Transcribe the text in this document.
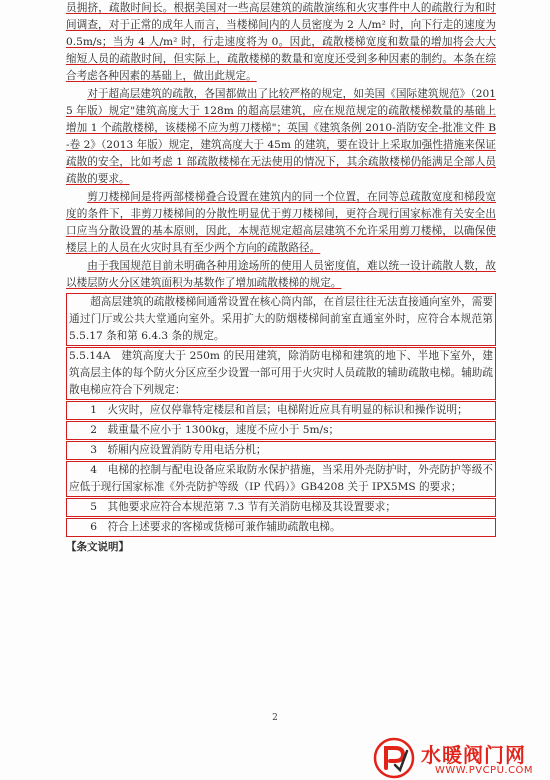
员拥挤，疏散时间长。根据美国对一些高层建筑的疏散演练和火灾事件中人的疏散行为和时间调查，对于正常的成年人而言，当楼梯间内的人员密度为 2 人/m² 时，向下行走的速度为 0.5m/s；当为 4 人/m² 时，行走速度将为 0。因此，疏散楼梯宽度和数量的增加将会大大缩短人员的疏散时间，但实际上，疏散楼梯的数量和宽度还受到多种因素的制约。本条在综合考虑各种因素的基础上，做出此规定。

对于超高层建筑的疏散，各国都做出了比较严格的规定，如美国《国际建筑规范》（2015 年版）规定"建筑高度大于 128m 的超高层建筑，应在规范规定的疏散楼梯数量的基础上增加 1 个疏散楼梯，该楼梯不应为剪刀楼梯"；英国《建筑条例 2010-消防安全-批准文件 B-卷 2》（2013 年版）规定，建筑高度大于 45m 的建筑，要在设计上采取加强性措施来保证疏散的安全，比如考虑 1 部疏散楼梯在无法使用的情况下，其余疏散楼梯仍能满足全部人员疏散的要求。

剪刀楼梯间是将两部楼梯叠合设置在建筑内的同一个位置，在同等总疏散宽度和梯段宽度的条件下，非剪刀楼梯间的分散性明显优于剪刀楼梯间，更符合现行国家标准有关安全出口应当分散设置的基本原则，因此，本规范规定超高层建筑不允许采用剪刀楼梯，以确保使楼层上的人员在火灾时具有至少两个方向的疏散路径。

由于我国规范目前未明确各种用途场所的使用人员密度值，难以统一设计疏散人数，故以楼层防火分区建筑面积为基数作了增加疏散楼梯的规定。

超高层建筑的疏散楼梯间通常设置在核心筒内部，在首层往往无法直接通向室外，需要通过门厅或公共大堂通向室外。采用扩大的防烟楼梯间前室直通室外时，应符合本规范第 5.5.17 条和第 6.4.3 条的规定。

5.5.14A　建筑高度大于 250m 的民用建筑，除消防电梯和建筑的地下、半地下室外，建筑高层主体的每个防火分区应至少设置一部可用于火灾时人员疏散的辅助疏散电梯。辅助疏散电梯应符合下列规定：

1　火灾时，应仅停靠特定楼层和首层；电梯附近应具有明显的标识和操作说明；

2　载重量不应小于 1300kg，速度不应小于 5m/s；

3　轿厢内应设置消防专用电话分机；

4　电梯的控制与配电设备应采取防水保护措施，当采用外壳防护时，外壳防护等级不应低于现行国家标准《外壳防护等级（IP 代码）》GB4208 关于 IPX5MS 的要求；

5　其他要求应符合本规范第 7.3 节有关消防电梯及其设置要求；

6　符合上述要求的客梯或货梯可兼作辅助疏散电梯。

【条文说明】
2
水暖阀门网
WWW.PVCPU.COM
